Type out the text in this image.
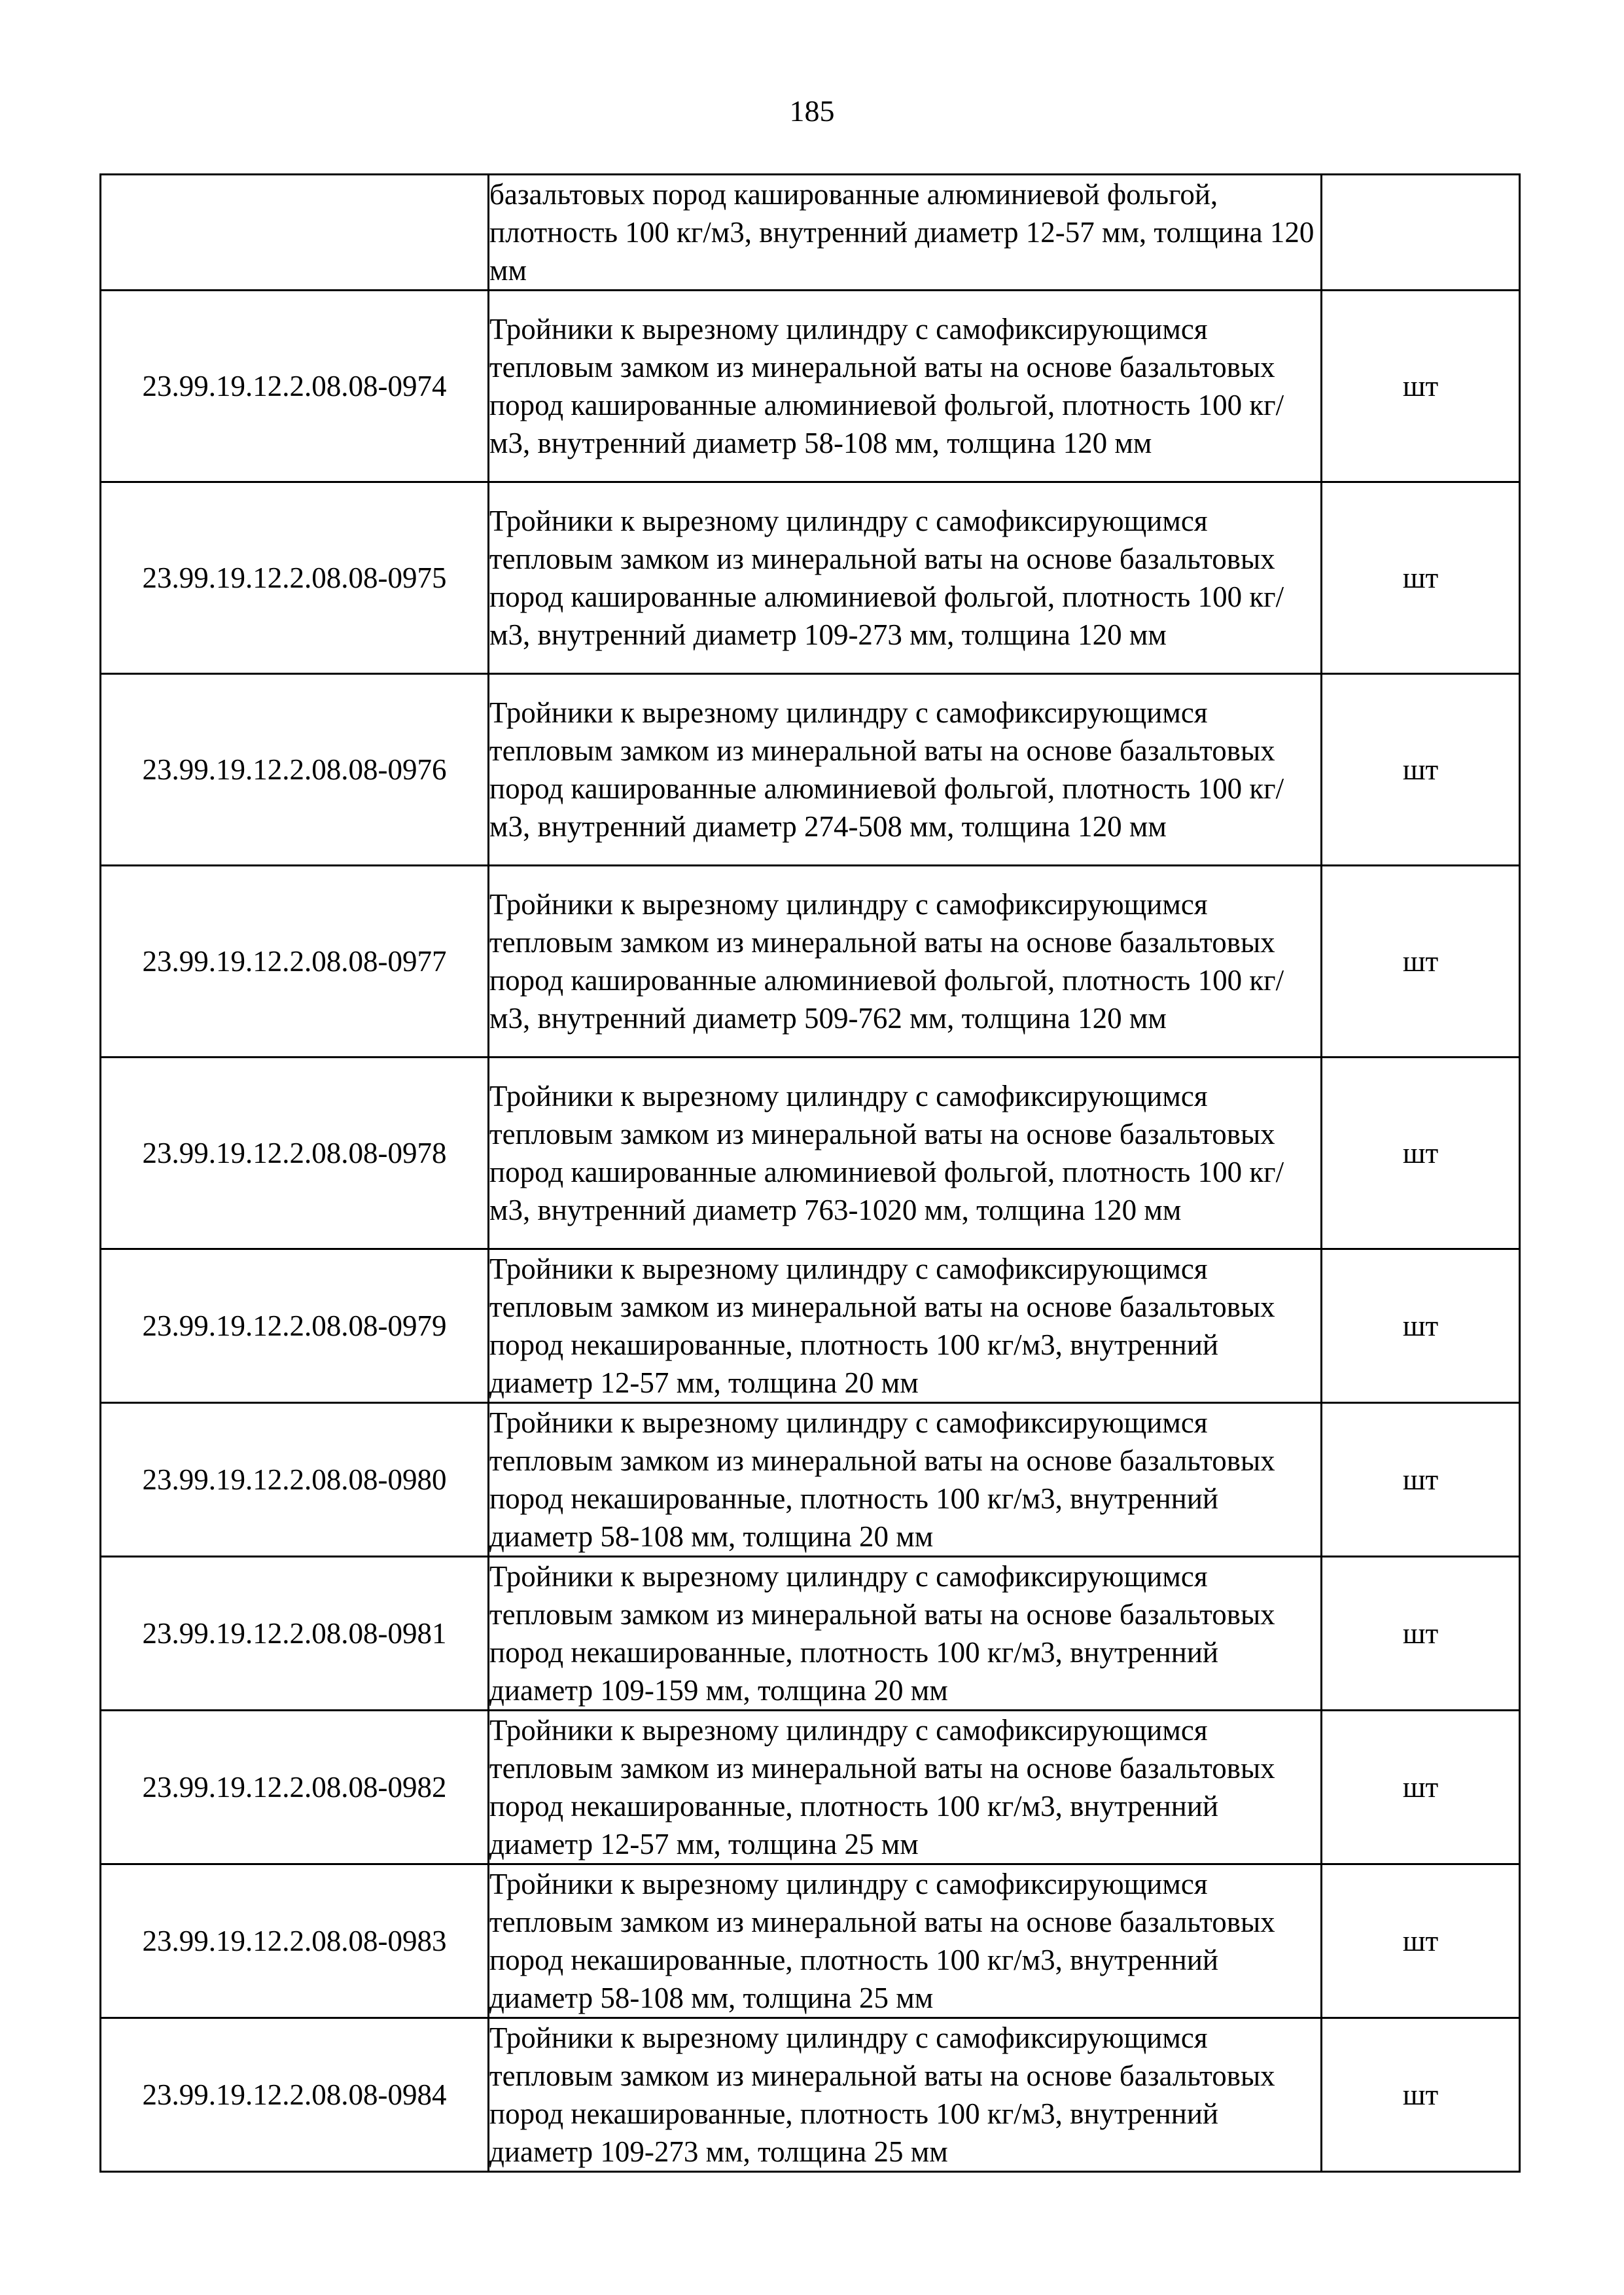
185
	базальтовых пород кашированные алюминиевой фольгой, плотность 100 кг/м3, внутренний диаметр 12-57 мм, толщина 120 мм	
23.99.19.12.2.08.08-0974	Тройники к вырезному цилиндру с самофиксирующимся тепловым замком из минеральной ваты на основе базальтовых пород кашированные алюминиевой фольгой, плотность 100 кг/м3, внутренний диаметр 58-108 мм, толщина 120 мм	шт
23.99.19.12.2.08.08-0975	Тройники к вырезному цилиндру с самофиксирующимся тепловым замком из минеральной ваты на основе базальтовых пород кашированные алюминиевой фольгой, плотность 100 кг/м3, внутренний диаметр 109-273 мм, толщина 120 мм	шт
23.99.19.12.2.08.08-0976	Тройники к вырезному цилиндру с самофиксирующимся тепловым замком из минеральной ваты на основе базальтовых пород кашированные алюминиевой фольгой, плотность 100 кг/м3, внутренний диаметр 274-508 мм, толщина 120 мм	шт
23.99.19.12.2.08.08-0977	Тройники к вырезному цилиндру с самофиксирующимся тепловым замком из минеральной ваты на основе базальтовых пород кашированные алюминиевой фольгой, плотность 100 кг/м3, внутренний диаметр 509-762 мм, толщина 120 мм	шт
23.99.19.12.2.08.08-0978	Тройники к вырезному цилиндру с самофиксирующимся тепловым замком из минеральной ваты на основе базальтовых пород кашированные алюминиевой фольгой, плотность 100 кг/м3, внутренний диаметр 763-1020 мм, толщина 120 мм	шт
23.99.19.12.2.08.08-0979	Тройники к вырезному цилиндру с самофиксирующимся тепловым замком из минеральной ваты на основе базальтовых пород некашированные, плотность 100 кг/м3, внутренний диаметр 12-57 мм, толщина 20 мм	шт
23.99.19.12.2.08.08-0980	Тройники к вырезному цилиндру с самофиксирующимся тепловым замком из минеральной ваты на основе базальтовых пород некашированные, плотность 100 кг/м3, внутренний диаметр 58-108 мм, толщина 20 мм	шт
23.99.19.12.2.08.08-0981	Тройники к вырезному цилиндру с самофиксирующимся тепловым замком из минеральной ваты на основе базальтовых пород некашированные, плотность 100 кг/м3, внутренний диаметр 109-159 мм, толщина 20 мм	шт
23.99.19.12.2.08.08-0982	Тройники к вырезному цилиндру с самофиксирующимся тепловым замком из минеральной ваты на основе базальтовых пород некашированные, плотность 100 кг/м3, внутренний диаметр 12-57 мм, толщина 25 мм	шт
23.99.19.12.2.08.08-0983	Тройники к вырезному цилиндру с самофиксирующимся тепловым замком из минеральной ваты на основе базальтовых пород некашированные, плотность 100 кг/м3, внутренний диаметр 58-108 мм, толщина 25 мм	шт
23.99.19.12.2.08.08-0984	Тройники к вырезному цилиндру с самофиксирующимся тепловым замком из минеральной ваты на основе базальтовых пород некашированные, плотность 100 кг/м3, внутренний диаметр 109-273 мм, толщина 25 мм	шт
